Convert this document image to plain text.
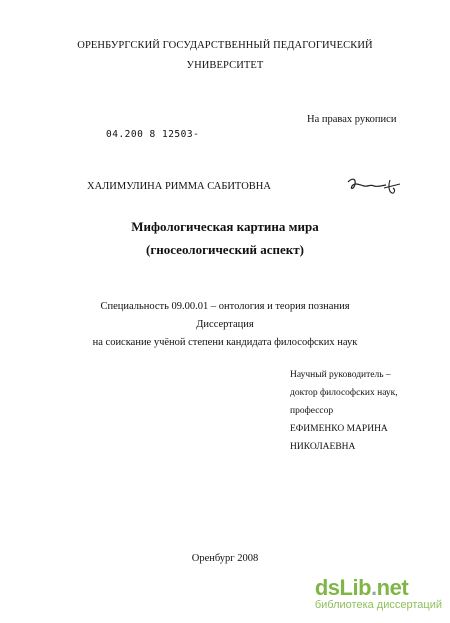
ОРЕНБУРГСКИЙ ГОСУДАРСТВЕННЫЙ ПЕДАГОГИЧЕСКИЙ
УНИВЕРСИТЕТ
На правах рукописи
04.200 8 12503-
ХАЛИМУЛИНА РИММА САБИТОВНА
Мифологическая картина мира
(гносеологический аспект)
Специальность 09.00.01 – онтология и теория познания
Диссертация
на соискание учёной степени кандидата философских наук
Научный руководитель –
доктор философских наук,
профессор
ЕФИМЕНКО МАРИНА
НИКОЛАЕВНА
Оренбург 2008
dsLib.net
библиотека диссертаций
